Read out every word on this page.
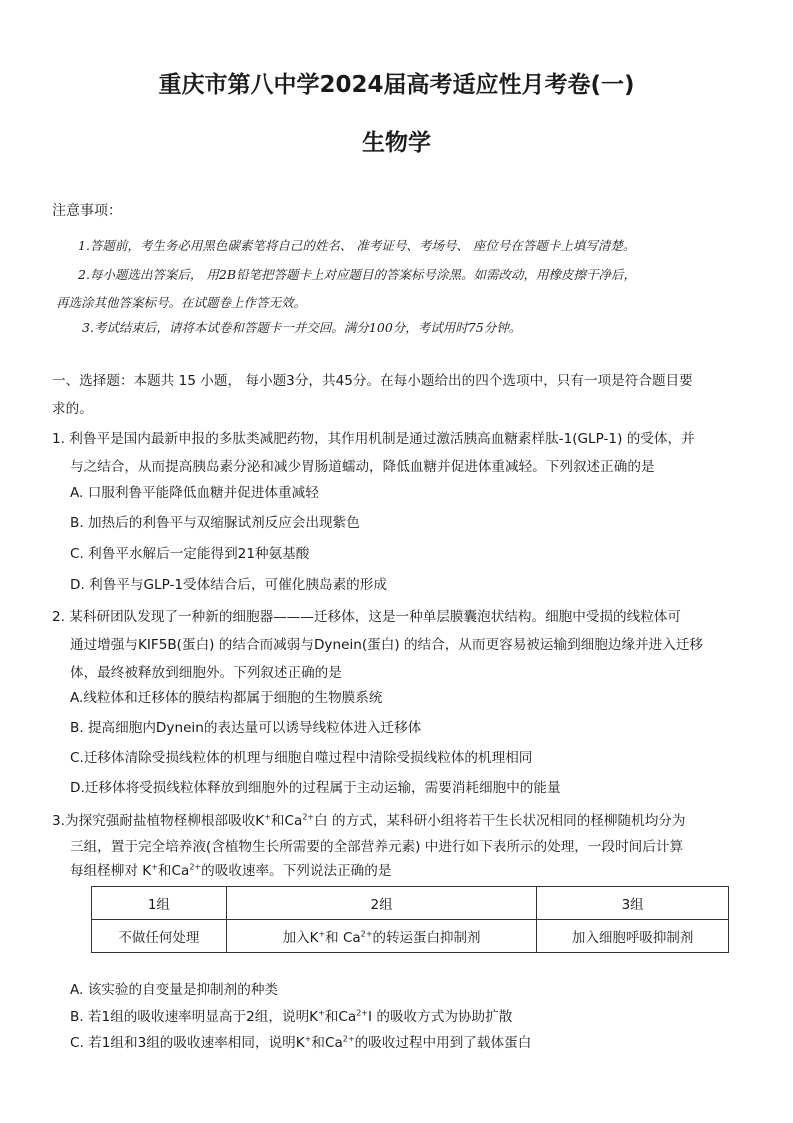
重庆市第八中学2024届高考适应性月考卷(一)
生物学
注意事项：
1.答题前，考生务必用黑色碳素笔将自己的姓名、 准考证号、考场号、 座位号在答题卡上填写清楚。
2.每小题选出答案后， 用2B铅笔把答题卡上对应题目的答案标号涂黑。如需改动，用橡皮擦干净后，
再选涂其他答案标号。在试题卷上作答无效。
3.考试结束后，请将本试卷和答题卡一并交回。满分100分，考试用时75分钟。
一、选择题：本题共 15 小题， 每小题3分，共45分。在每小题给出的四个选项中，只有一项是符合题目要
求的。
1. 利鲁平是国内最新申报的多肽类减肥药物，其作用机制是通过激活胰高血糖素样肽-1(GLP-1) 的受体，并
与之结合，从而提高胰岛素分泌和减少胃肠道蠕动，降低血糖并促进体重减轻。下列叙述正确的是
A. 口服利鲁平能降低血糖并促进体重减轻
B. 加热后的利鲁平与双缩脲试剂反应会出现紫色
C. 利鲁平水解后一定能得到21种氨基酸
D. 利鲁平与GLP-1受体结合后，可催化胰岛素的形成
2. 某科研团队发现了一种新的细胞器———迁移体，这是一种单层膜囊泡状结构。细胞中受损的线粒体可
通过增强与KIF5B(蛋白) 的结合而减弱与Dynein(蛋白) 的结合，从而更容易被运输到细胞边缘并进入迁移
体，最终被释放到细胞外。下列叙述正确的是
A.线粒体和迁移体的膜结构都属于细胞的生物膜系统
B. 提高细胞内Dynein的表达量可以诱导线粒体进入迁移体
C.迁移体清除受损线粒体的机理与细胞自噬过程中清除受损线粒体的机理相同
D.迁移体将受损线粒体释放到细胞外的过程属于主动运输，需要消耗细胞中的能量
3.为探究强耐盐植物柽柳根部吸收K+和$Ca^{2+}$白 的方式，某科研小组将若干生长状况相同的柽柳随机均分为
三组，置于完全培养液(含植物生长所需要的全部营养元素) 中进行如下表所示的处理，一段时间后计算
每组柽柳对 K+和$Ca^{2+}$的吸收速率。下列说法正确的是
1组	2组	3组
不做任何处理	加入K+和 $Ca^{2+}$的转运蛋白抑制剂	加入细胞呼吸抑制剂
A. 该实验的自变量是抑制剂的种类
B. 若1组的吸收速率明显高于2组，说明K+和$Ca^{2+}I$ 的吸收方式为协助扩散
C. 若1组和3组的吸收速率相同，说明K+和$Ca^{2+}$的吸收过程中用到了载体蛋白
